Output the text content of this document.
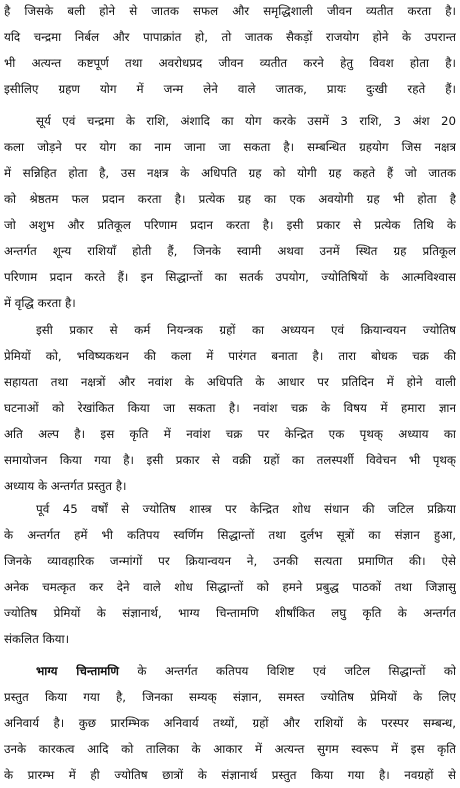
है जिसके बली होने से जातक सफल और समृद्धिशाली जीवन व्यतीत करता है।
यदि चन्द्रमा निर्बल और पापाक्रांत हो, तो जातक सैकड़ों राजयोग होने के उपरान्त
भी अत्यन्त कष्टपूर्ण तथा अवरोधप्रद जीवन व्यतीत करने हेतु विवश होता है।
इसीलिए ग्रहण योग में जन्म लेने वाले जातक, प्रायः दुःखी रहते हैं।
सूर्य एवं चन्द्रमा के राशि, अंशादि का योग करके उसमें 3 राशि, 3 अंश 20
कला जोड़ने पर योग का नाम जाना जा सकता है। सम्बन्धित ग्रहयोग जिस नक्षत्र
में सन्निहित होता है, उस नक्षत्र के अधिपति ग्रह को योगी ग्रह कहते हैं जो जातक
को श्रेष्ठतम फल प्रदान करता है। प्रत्येक ग्रह का एक अवयोगी ग्रह भी होता है
जो अशुभ और प्रतिकूल परिणाम प्रदान करता है। इसी प्रकार से प्रत्येक तिथि के
अन्तर्गत शून्य राशियाँ होती हैं, जिनके स्वामी अथवा उनमें स्थित ग्रह प्रतिकूल
परिणाम प्रदान करते हैं। इन सिद्धान्तों का सतर्क उपयोग, ज्योतिषियों के आत्मविश्वास
में वृद्धि करता है।
इसी प्रकार से कर्म नियन्त्रक ग्रहों का अध्ययन एवं क्रियान्वयन ज्योतिष
प्रेमियों को, भविष्यकथन की कला में पारंगत बनाता है। तारा बोधक चक्र की
सहायता तथा नक्षत्रों और नवांश के अधिपति के आधार पर प्रतिदिन में होने वाली
घटनाओं को रेखांकित किया जा सकता है। नवांश चक्र के विषय में हमारा ज्ञान
अति अल्प है। इस कृति में नवांश चक्र पर केन्द्रित एक पृथक् अध्याय का
समायोजन किया गया है। इसी प्रकार से वक्री ग्रहों का तलस्पर्शी विवेचन भी पृथक्
अध्याय के अन्तर्गत प्रस्तुत है।
पूर्व 45 वर्षों से ज्योतिष शास्त्र पर केन्द्रित शोध संधान की जटिल प्रक्रिया
के अन्तर्गत हमें भी कतिपय स्वर्णिम सिद्धान्तों तथा दुर्लभ सूत्रों का संज्ञान हुआ,
जिनके व्यावहारिक जन्मांगों पर क्रियान्वयन ने, उनकी सत्यता प्रमाणित की। ऐसे
अनेक चमत्कृत कर देने वाले शोध सिद्धान्तों को हमने प्रबुद्ध पाठकों तथा जिज्ञासु
ज्योतिष प्रेमियों के संज्ञानार्थ, भाग्य चिन्तामणि शीर्षांकित लघु कृति के अन्तर्गत
संकलित किया।
भाग्य चिन्तामणि के अन्तर्गत कतिपय विशिष्ट एवं जटिल सिद्धान्तों को
प्रस्तुत किया गया है, जिनका सम्यक् संज्ञान, समस्त ज्योतिष प्रेमियों के लिए
अनिवार्य है। कुछ प्रारम्भिक अनिवार्य तथ्यों, ग्रहों और राशियों के परस्पर सम्बन्ध,
उनके कारकत्व आदि को तालिका के आकार में अत्यन्त सुगम स्वरूप में इस कृति
के प्रारम्भ में ही ज्योतिष छात्रों के संज्ञानार्थ प्रस्तुत किया गया है। नवग्रहों से
